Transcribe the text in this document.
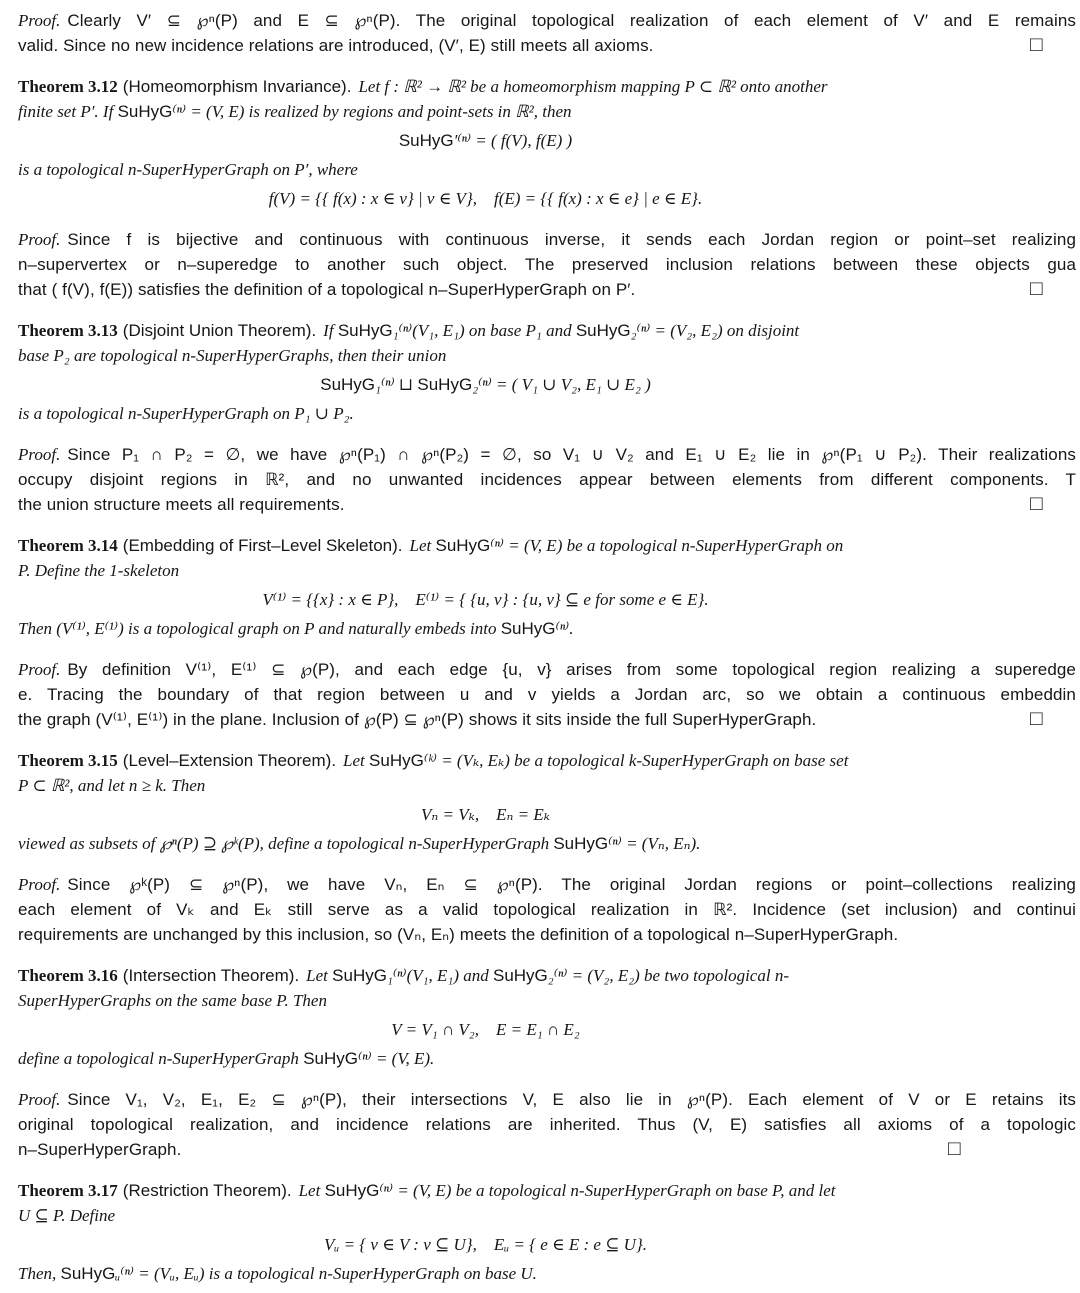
Proof. Clearly V′ ⊆ ℘ⁿ(P) and E ⊆ ℘ⁿ(P). The original topological realization of each element of V′ and E remains
valid. Since no new incidence relations are introduced, (V′, E) still meets all axioms.	□
Theorem 3.12 (Homeomorphism Invariance). Let f : ℝ² → ℝ² be a homeomorphism mapping P ⊂ ℝ² onto another
finite set P′. If SuHyG⁽ⁿ⁾ = (V, E) is realized by regions and point-sets in ℝ², then
SuHyG′⁽ⁿ⁾ = ( f(V), f(E) )
is a topological n-SuperHyperGraph on P′, where
f(V) = {{ f(x) : x ∈ v} | v ∈ V}, f(E) = {{ f(x) : x ∈ e} | e ∈ E}.
Proof. Since f is bijective and continuous with continuous inverse, it sends each Jordan region or point–set realizing
n–supervertex or n–superedge to another such object. The preserved inclusion relations between these objects gua
that ( f(V), f(E)) satisfies the definition of a topological n–SuperHyperGraph on P′.	□
Theorem 3.13 (Disjoint Union Theorem). If SuHyG₁⁽ⁿ⁾(V₁, E₁) on base P₁ and SuHyG₂⁽ⁿ⁾ = (V₂, E₂) on disjoint
base P₂ are topological n-SuperHyperGraphs, then their union
SuHyG₁⁽ⁿ⁾ ⊔ SuHyG₂⁽ⁿ⁾ = ( V₁ ∪ V₂, E₁ ∪ E₂ )
is a topological n-SuperHyperGraph on P₁ ∪ P₂.
Proof. Since P₁ ∩ P₂ = ∅, we have ℘ⁿ(P₁) ∩ ℘ⁿ(P₂) = ∅, so V₁ ∪ V₂ and E₁ ∪ E₂ lie in ℘ⁿ(P₁ ∪ P₂). Their realizations
occupy disjoint regions in ℝ², and no unwanted incidences appear between elements from different components. T
the union structure meets all requirements.	□
Theorem 3.14 (Embedding of First–Level Skeleton). Let SuHyG⁽ⁿ⁾ = (V, E) be a topological n-SuperHyperGraph on
P. Define the 1-skeleton
V⁽¹⁾ = {{x} : x ∈ P}, E⁽¹⁾ = { {u, v} : {u, v} ⊆ e for some e ∈ E}.
Then (V⁽¹⁾, E⁽¹⁾) is a topological graph on P and naturally embeds into SuHyG⁽ⁿ⁾.
Proof. By definition V⁽¹⁾, E⁽¹⁾ ⊆ ℘(P), and each edge {u, v} arises from some topological region realizing a superedge
e. Tracing the boundary of that region between u and v yields a Jordan arc, so we obtain a continuous embeddin
the graph (V⁽¹⁾, E⁽¹⁾) in the plane. Inclusion of ℘(P) ⊆ ℘ⁿ(P) shows it sits inside the full SuperHyperGraph.	□
Theorem 3.15 (Level–Extension Theorem). Let SuHyG⁽ᵏ⁾ = (Vₖ, Eₖ) be a topological k-SuperHyperGraph on base set
P ⊂ ℝ², and let n ≥ k. Then
Vₙ = Vₖ, Eₙ = Eₖ
viewed as subsets of ℘ⁿ(P) ⊇ ℘ᵏ(P), define a topological n-SuperHyperGraph SuHyG⁽ⁿ⁾ = (Vₙ, Eₙ).
Proof. Since ℘ᵏ(P) ⊆ ℘ⁿ(P), we have Vₙ, Eₙ ⊆ ℘ⁿ(P). The original Jordan regions or point–collections realizing
each element of Vₖ and Eₖ still serve as a valid topological realization in ℝ². Incidence (set inclusion) and continui
requirements are unchanged by this inclusion, so (Vₙ, Eₙ) meets the definition of a topological n–SuperHyperGraph.
Theorem 3.16 (Intersection Theorem). Let SuHyG₁⁽ⁿ⁾(V₁, E₁) and SuHyG₂⁽ⁿ⁾ = (V₂, E₂) be two topological n-
SuperHyperGraphs on the same base P. Then
V = V₁ ∩ V₂, E = E₁ ∩ E₂
define a topological n-SuperHyperGraph SuHyG⁽ⁿ⁾ = (V, E).
Proof. Since V₁, V₂, E₁, E₂ ⊆ ℘ⁿ(P), their intersections V, E also lie in ℘ⁿ(P). Each element of V or E retains its
original topological realization, and incidence relations are inherited. Thus (V, E) satisfies all axioms of a topologic
n–SuperHyperGraph.	□
Theorem 3.17 (Restriction Theorem). Let SuHyG⁽ⁿ⁾ = (V, E) be a topological n-SuperHyperGraph on base P, and let
U ⊆ P. Define
Vᵤ = { v ∈ V : v ⊆ U}, Eᵤ = { e ∈ E : e ⊆ U}.
Then, SuHyGᵤ⁽ⁿ⁾ = (Vᵤ, Eᵤ) is a topological n-SuperHyperGraph on base U.
